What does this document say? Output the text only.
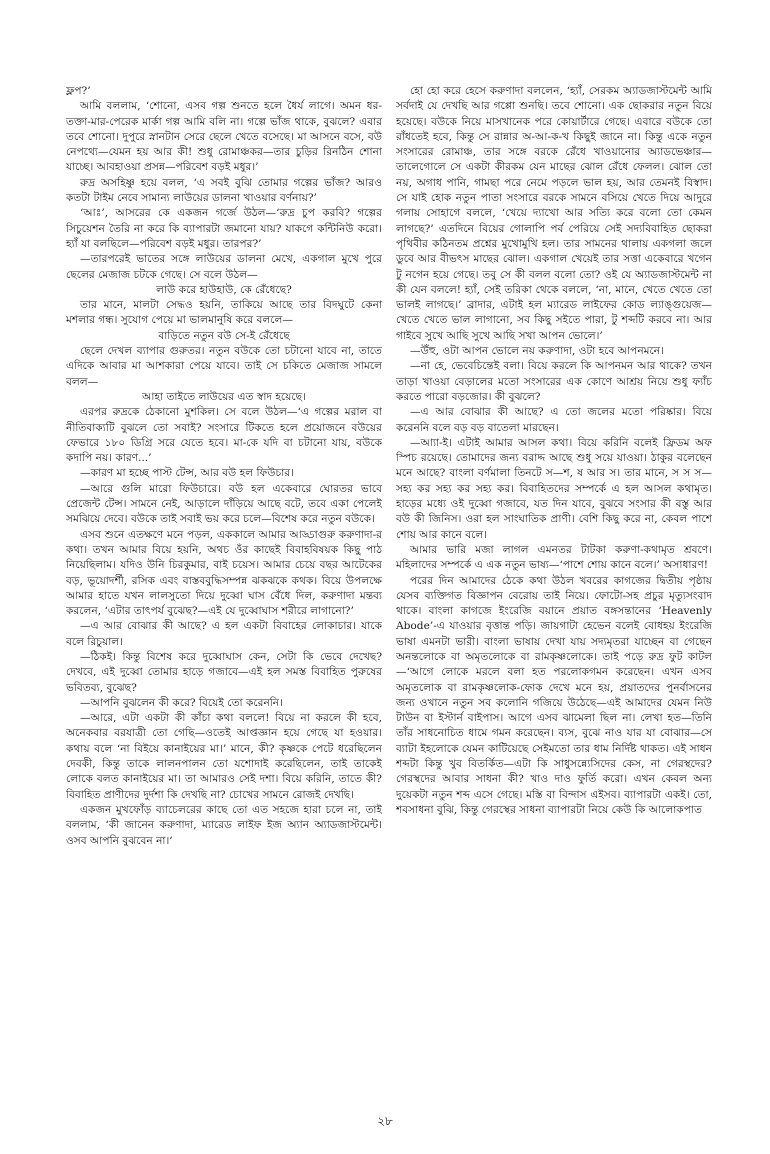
ফ্লপ?’

আমি বললাম, ‘শোনো, এসব গল্প শুনতে হলে ধৈর্য লাগে। অমন ধর-তক্তা-মার-পেরেক মার্কা গল্প আমি বলি না। গল্পে ভাঁজ থাকে, বুঝলে? এবার তবে শোনো। দুপুরে স্নানটান সেরে ছেলে খেতে বসেছে। মা আসনে বসে, বউ নেপথ্যে—যেমন হয় আর কী! শুধু রোমাঞ্চকর—তার চুড়ির রিনঠিন শোনা যাচ্ছে। আবহাওয়া প্রসন্ন—পরিবেশ বড়ই মধুর।’

রুদ্র অসহিষ্ণু হয়ে বলল, ‘এ সবই বুঝি তোমার গল্পের ভাঁজ? আরও কতটা টাইম নেবে সামান্য লাউয়ের ডালনা খাওয়ার বর্ণনায়?’

‘আঃ’, আসরের কে একজন গর্জে উঠল—‘রুদ্র চুপ করবি? গল্পের সিচুয়েশন তৈরি না করে কি ব্যাপারটা জমানো যায়? যাকগে কন্টিনিউ করো। হ্যাঁ যা বলছিলে—পরিবেশ বড়ই মধুর। তারপর?’

—তারপরেই ভাতের সঙ্গে লাউয়ের ডালনা মেখে, একগাল মুখে পুরে ছেলের মেজাজ চটকে গেছে। সে বলে উঠল—

লাউ করে হাউহাউ, কে রেঁধেছে?

তার মানে, মালটা সেদ্ধও হয়নি, তাকিয়ে আছে তার বিদঘুটে কেনা মশলার গন্ধ। সুযোগ পেয়ে মা ভালমানুষি করে বললে—

বাড়িতে নতুন বউ সে-ই রেঁধেছে

ছেলে দেখল ব্যাপার গুরুতর। নতুন বউকে তো চটানো যাবে না, তাতে এদিকে আবার মা আশকারা পেয়ে যাবে। তাই সে চকিতে মেজাজ সামলে বলল—

আহা তাইতে লাউয়ের এত স্বাদ হয়েছে।

এরপর রুদ্রকে ঠেকানো মুশকিল। সে বলে উঠল—‘এ গল্পের মরাল বা নীতিবাক্যটি বুঝলে তো সবাই? সংসারে টিকতে হলে প্রয়োজনে বউয়ের ফেভারে ১৮০ ডিগ্রি সরে যেতে হবে। মা-কে যদি বা চটানো যায়, বউকে কদাপি নয়। কারণ...’

—কারণ মা হচ্ছে পাস্ট টেন্স, আর বউ হল ফিউচার।

—আরে গুলি মারো ফিউচারে। বউ হল একেবারে ঘোরতর ভাবে প্রেজেন্ট টেন্স। সামনে নেই, আড়ালে দাঁড়িয়ে আছে বটে, তবে একা পেলেই সমঝিয়ে দেবে। বউকে তাই সবাই ভয় করে চলে—বিশেষ করে নতুন বউকে।

এসব শুনে এতক্ষণে মনে পড়ল, এককালে আমার আড্ডাগুরু করুণাদা-র কথা। তখন আমার বিয়ে হয়নি, অথচ ওঁর কাছেই বিবাহবিষয়ক কিছু পাঠ নিয়েছিলাম। যদিও উনি চিরকুমার, বাই চয়েস। আমার চেয়ে বছর আটেকের বড়, ভূয়োদর্শী, রসিক এবং বাস্তববুদ্ধিসম্পন্ন ঝকঝকে কথক। বিয়ে উপলক্ষে আমার হাতে যখন লালসুতো দিয়ে দুব্বো ঘাস বেঁধে দিল, করুণাদা মন্তব্য করলেন, ‘এটার তাৎপর্য বুঝেছ?—এই যে দুব্বোঘাস শরীরে লাগানো?’

—এ আর বোঝার কী আছে? এ হল একটা বিবাহের লোকাচার। যাকে বলে রিচুয়াল।

—ঠিকই। কিন্তু বিশেষ করে দুব্বোঘাস কেন, সেটা কি ভেবে দেখেছ? দেখবে, এই দুব্বো তোমার হাড়ে গজাবে—এই হল সমস্ত বিবাহিত পুরুষের ভবিতব্য, বুঝেছ?

—আপনি বুঝলেন কী করে? বিয়েই তো করেননি।

—আরে, এটা একটা কী কাঁচা কথা বললে! বিয়ে না করলে কী হবে, অনেকবার বরযাত্রী তো গেছি—ওতেই আপ্তজ্ঞান হয়ে গেছে যা হওয়ার। কথায় বলে ‘না বিইয়ে কানাইয়ের মা।’ মানে, কী? কৃষ্ণকে পেটে ধরেছিলেন দেবকী, কিন্তু তাকে লালনপালন তো যশোদাই করেছিলেন, তাই তাকেই লোকে বলত কানাইয়ের মা। তা আমারও সেই দশা। বিয়ে করিনি, তাতে কী? বিবাহিত প্রাণীদের দুর্দশা কি দেখছি না? চোখের সামনে রোজই দেখছি।

একজন মুখফোঁড় ব্যাচেলরের কাছে তো এত সহজে হারা চলে না, তাই বললাম, ‘কী জানেন করুণাদা, ম্যারেড লাইফ ইজ অ্যান অ্যাডজাস্টমেন্ট। ওসব আপনি বুঝবেন না।’

হো হো করে হেসে করুণাদা বললেন, ‘হ্যাঁ, সেরকম অ্যাডজাস্টমেন্ট আমি সর্বদাই যে দেখছি আর গপ্পো শুনছি। তবে শোনো। এক ছোকরার নতুন বিয়ে হয়েছে। বউকে নিয়ে মাসখানেক পরে কোয়ার্টারে গেছে। এবারে বউকে তো রাঁধতেই হবে, কিন্তু সে রান্নার অ-আ-ক-খ কিছুই জানে না। কিন্তু একে নতুন সংসারের রোমাঞ্চ, তার সঙ্গে বরকে রেঁধে খাওয়ানোর অ্যাডভেঞ্চার—তালেগোলে সে একটা কীরকম যেন মাছের ঝোল রেঁধে ফেলল। ঝোল তো নয়, অগাধ পানি, গামছা পরে নেমে পড়লে ভাল হয়, আর তেমনই বিস্বাদ। সে যাই হোক নতুন পাতা সংসারে বরকে সামনে বসিয়ে খেতে দিয়ে আদুরে গলায় সোহাগে বললে, ‘খেয়ে দ্যাখো আর সত্যি করে বলো তো কেমন লাগছে?’ এতদিনে বিয়ের গোলাপি পর্ব পেরিয়ে সেই সদ্যবিবাহিত ছোকরা পৃথিবীর কঠিনতম প্রশ্নের মুখোমুখি হল। তার সামনের থালায় একগলা জলে ডুবে আর বীভৎস মাছের ঝোল। একগাল খেয়েই তার সত্তা একেবারে খগেন টু নগেন হয়ে গেছে। তবু সে কী বলল বলো তো? ওই যে অ্যাডজাস্টমেন্ট না কী যেন বললে! হ্যাঁ, সেই তরিকা থেকে বললে, ‘না, মানে, খেতে খেতে তো ভালই লাগছে।’ ব্রাদার, এটাই হল ম্যারেড লাইফের কোড ল্যাঙ্গুয়েজ—খেতে খেতে ভাল লাগানো, সব কিছু সইতে পারা, টু শব্দটি করবে না। আর গাইবে সুখে আছি সুখে আছি সখা আপন ভোলে।’

—উঁহু, ওটা আপন ভোলে নয় করুণাদা, ওটা হবে আপনমনে।

—না হে, ভেবেচিন্তেই বলা। বিয়ে করলে কি আপনমন আর থাকে? তখন তাড়া খাওয়া বেড়ালের মতো সংসারের এক কোণে আশ্রয় নিয়ে শুধু ফ্যাঁচ করতে পারো বড়জোর। কী বুঝলে?

—এ আর বোঝার কী আছে? এ তো জলের মতো পরিষ্কার। বিয়ে করেননি বলে বড় বড় বাতেলা মারছেন।

—আ্যা-ই। এটাই আমার আসল কথা। বিয়ে করিনি বলেই ফ্রিডম অফ স্পিচ রয়েছে। তোমাদের জন্য বরাদ্দ আছে শুধু সয়ে যাওয়া। ঠাকুর বলেছেন মনে আছে? বাংলা বর্ণমালা তিনটে স—শ, ষ আর স। তার মানে, স স স—সহ্য কর সহ্য কর সহ্য কর। বিবাহিতদের সম্পর্কে এ হল আসল কথামৃত। হাড়ের মধ্যে ওই দুব্বো গজাবে, যত দিন যাবে, বুঝবে সংসার কী বস্তু আর বউ কী জিনিস। ওরা হল সাংঘাতিক প্রাণী। বেশি কিছু করে না, কেবল পাশে শোয় আর কানে বলে।

আমার ভারি মজা লাগল এমনতর টাটকা করুণা-কথামৃত শ্রবণে। মহিলাদের সম্পর্কে এ এক নতুন ভাষ্য—‘পাশে শোয় কানে বলে।’ অসাধারণ!

পরের দিন আমাদের ঠেকে কথা উঠল খবরের কাগজের দ্বিতীয় পৃষ্ঠায় যেসব ব্যক্তিগত বিজ্ঞাপন বেরোয় তাই নিয়ে। ফোটো-সহ প্রচুর মৃত্যুসংবাদ থাকে। বাংলা কাগজে ইংরেজি বয়ানে প্রয়াত বঙ্গসন্তানের ‘Heavenly Abode’-এ যাওয়ার বৃত্তান্ত পড়ি। জায়গাটা হেভেন বলেই বোধহয় ইংরেজি ভাষা এমনটা ভারী। বাংলা ভাষায় দেখা যায় সদ্যমৃতরা যাচ্ছেন বা গেছেন অনন্তলোকে বা অমৃতলোকে বা রামকৃষ্ণলোকে। তাই পড়ে রুদ্র ফুট কাটল—‘আগে লোকে মরলে বলা হত পরলোকগমন করেছেন। এখন এসব অমৃতলোক বা রামকৃষ্ণলোক-ফোক দেখে মনে হয়, প্রয়াতদের পুনর্বাসনের জন্য ওখানে নতুন সব কলোনি গজিয়ে উঠেছে—এই আমাদের যেমন নিউ টাউন বা ইস্টার্ন বাইপাস। আগে এসব ঝামেলা ছিল না। লেখা হত—তিনি তাঁর সাধনোচিত ধামে গমন করেছেন। ব্যস, বুঝে নাও যার যা বোঝার—সে ব্যাটা ইহলোকে যেমন কাটিয়েছে সেইমতো তার ধাম নির্দিষ্ট থাকত। এই সাধন শব্দটা কিন্তু খুব বিতর্কিত—এটা কি সাধুসন্ন্যেসিদের কেস, না গেরস্থদের? গেরস্থদের আবার সাধনা কী? খাও দাও ফুর্তি করো। এখন কেবল অন্য দুয়েকটা নতুন শব্দ এসে গেছে। মস্তি বা বিন্দাস এইসব। ব্যাপারটা একই। তো, শবসাধনা বুঝি, কিন্তু গেরস্থের সাধনা ব্যাপারটা নিয়ে কেউ কি আলোকপাত

২৮
